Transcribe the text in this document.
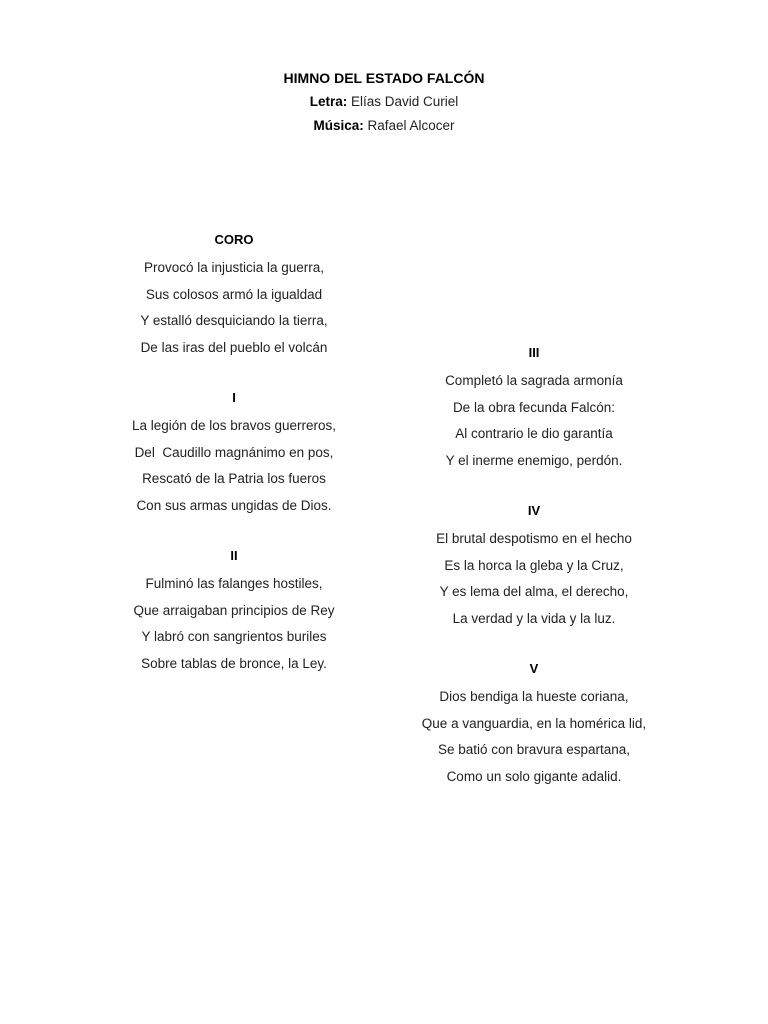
HIMNO DEL ESTADO FALCÓN
Letra: Elías David Curiel
Música: Rafael Alcocer
CORO
Provocó la injusticia la guerra,
Sus colosos armó la igualdad
Y estalló desquiciando la tierra,
De las iras del pueblo el volcán
I
La legión de los bravos guerreros,
Del  Caudillo magnánimo en pos,
Rescató de la Patria los fueros
Con sus armas ungidas de Dios.
II
Fulminó las falanges hostiles,
Que arraigaban principios de Rey
Y labró con sangrientos buriles
Sobre tablas de bronce, la Ley.
III
Completó la sagrada armonía
De la obra fecunda Falcón:
Al contrario le dio garantía
Y el inerme enemigo, perdón.
IV
El brutal despotismo en el hecho
Es la horca la gleba y la Cruz,
Y es lema del alma, el derecho,
La verdad y la vida y la luz.
V
Dios bendiga la hueste coriana,
Que a vanguardia, en la homérica lid,
Se batió con bravura espartana,
Como un solo gigante adalid.
